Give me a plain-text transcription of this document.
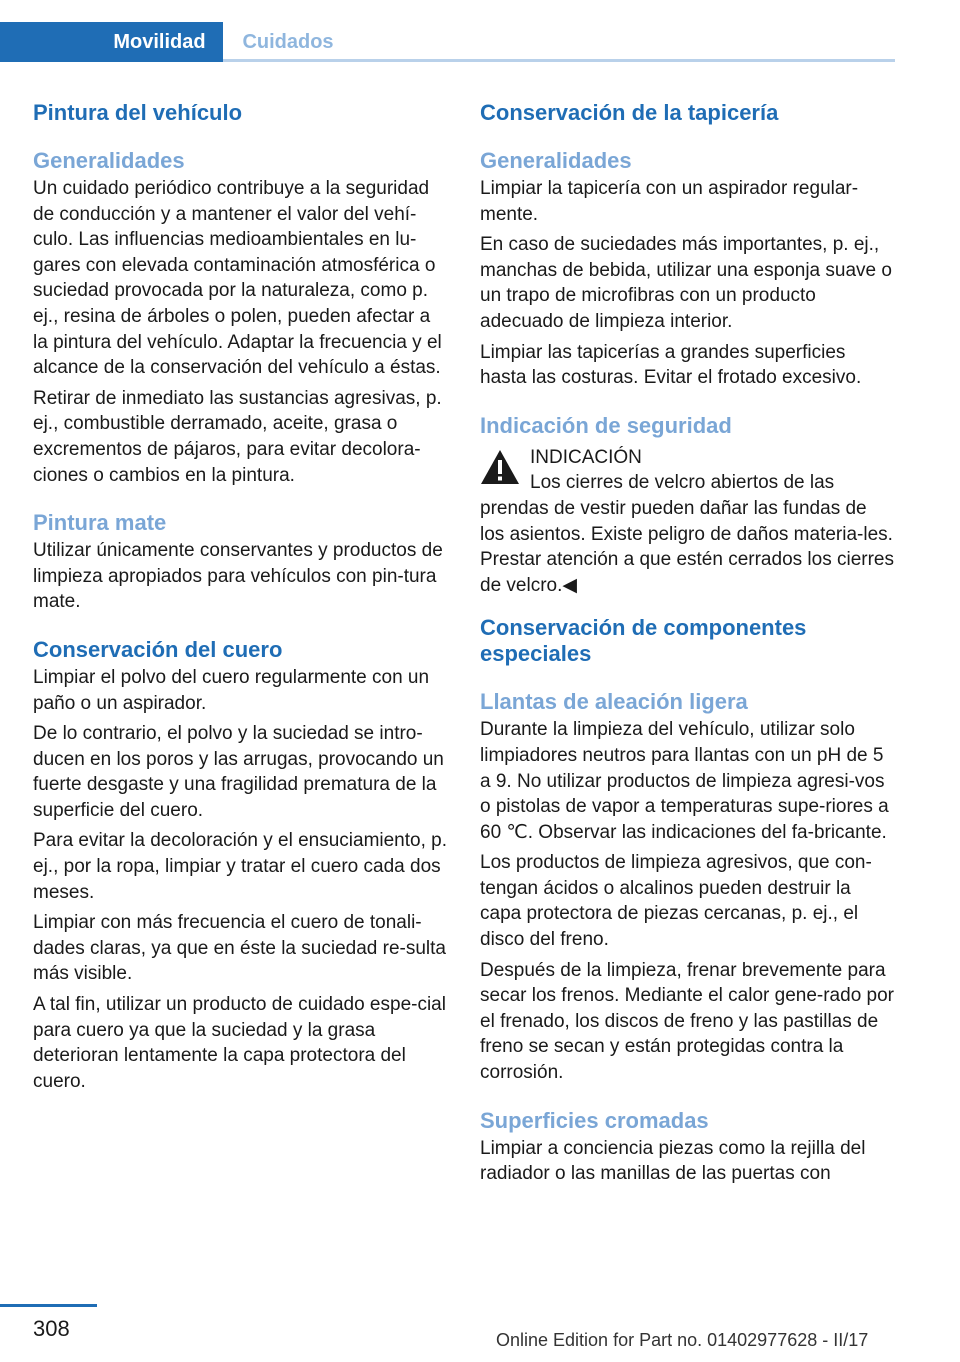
Movilidad	Cuidados
Pintura del vehículo
Generalidades

Un cuidado periódico contribuye a la seguridad de conducción y a mantener el valor del vehí‐culo. Las influencias medioambientales en lu‐gares con elevada contaminación atmosférica o suciedad provocada por la naturaleza, como p. ej., resina de árboles o polen, pueden afectar a la pintura del vehículo. Adaptar la frecuencia y el alcance de la conservación del vehículo a éstas.

Retirar de inmediato las sustancias agresivas, p. ej., combustible derramado, aceite, grasa o excrementos de pájaros, para evitar decolora‐ciones o cambios en la pintura.

Pintura mate

Utilizar únicamente conservantes y productos de limpieza apropiados para vehículos con pin‐tura mate.

Conservación del cuero

Limpiar el polvo del cuero regularmente con un paño o un aspirador.

De lo contrario, el polvo y la suciedad se intro‐ducen en los poros y las arrugas, provocando un fuerte desgaste y una fragilidad prematura de la superficie del cuero.

Para evitar la decoloración y el ensuciamiento, p. ej., por la ropa, limpiar y tratar el cuero cada dos meses.

Limpiar con más frecuencia el cuero de tonali‐dades claras, ya que en éste la suciedad re‐sulta más visible.

A tal fin, utilizar un producto de cuidado espe‐cial para cuero ya que la suciedad y la grasa deterioran lentamente la capa protectora del cuero.

Conservación de la tapicería
Generalidades

Limpiar la tapicería con un aspirador regular‐mente.

En caso de suciedades más importantes, p. ej., manchas de bebida, utilizar una esponja suave o un trapo de microfibras con un producto adecuado de limpieza interior.

Limpiar las tapicerías a grandes superficies hasta las costuras. Evitar el frotado excesivo.

Indicación de seguridad
INDICACIÓN
Los cierres de velcro abiertos de las
prendas de vestir pueden dañar las fundas de los asientos. Existe peligro de daños materia‐les. Prestar atención a que estén cerrados los cierres de velcro.◀
Conservación de componentes especiales
Llantas de aleación ligera

Durante la limpieza del vehículo, utilizar solo limpiadores neutros para llantas con un pH de 5 a 9. No utilizar productos de limpieza agresi‐vos o pistolas de vapor a temperaturas supe‐riores a 60 ℃. Observar las indicaciones del fa‐bricante.

Los productos de limpieza agresivos, que con‐tengan ácidos o alcalinos pueden destruir la capa protectora de piezas cercanas, p. ej., el disco del freno.

Después de la limpieza, frenar brevemente para secar los frenos. Mediante el calor gene‐rado por el frenado, los discos de freno y las pastillas de freno se secan y están protegidas contra la corrosión.

Superficies cromadas

Limpiar a conciencia piezas como la rejilla del radiador o las manillas de las puertas con

308	Online Edition for Part no. 01402977628 - II/17
